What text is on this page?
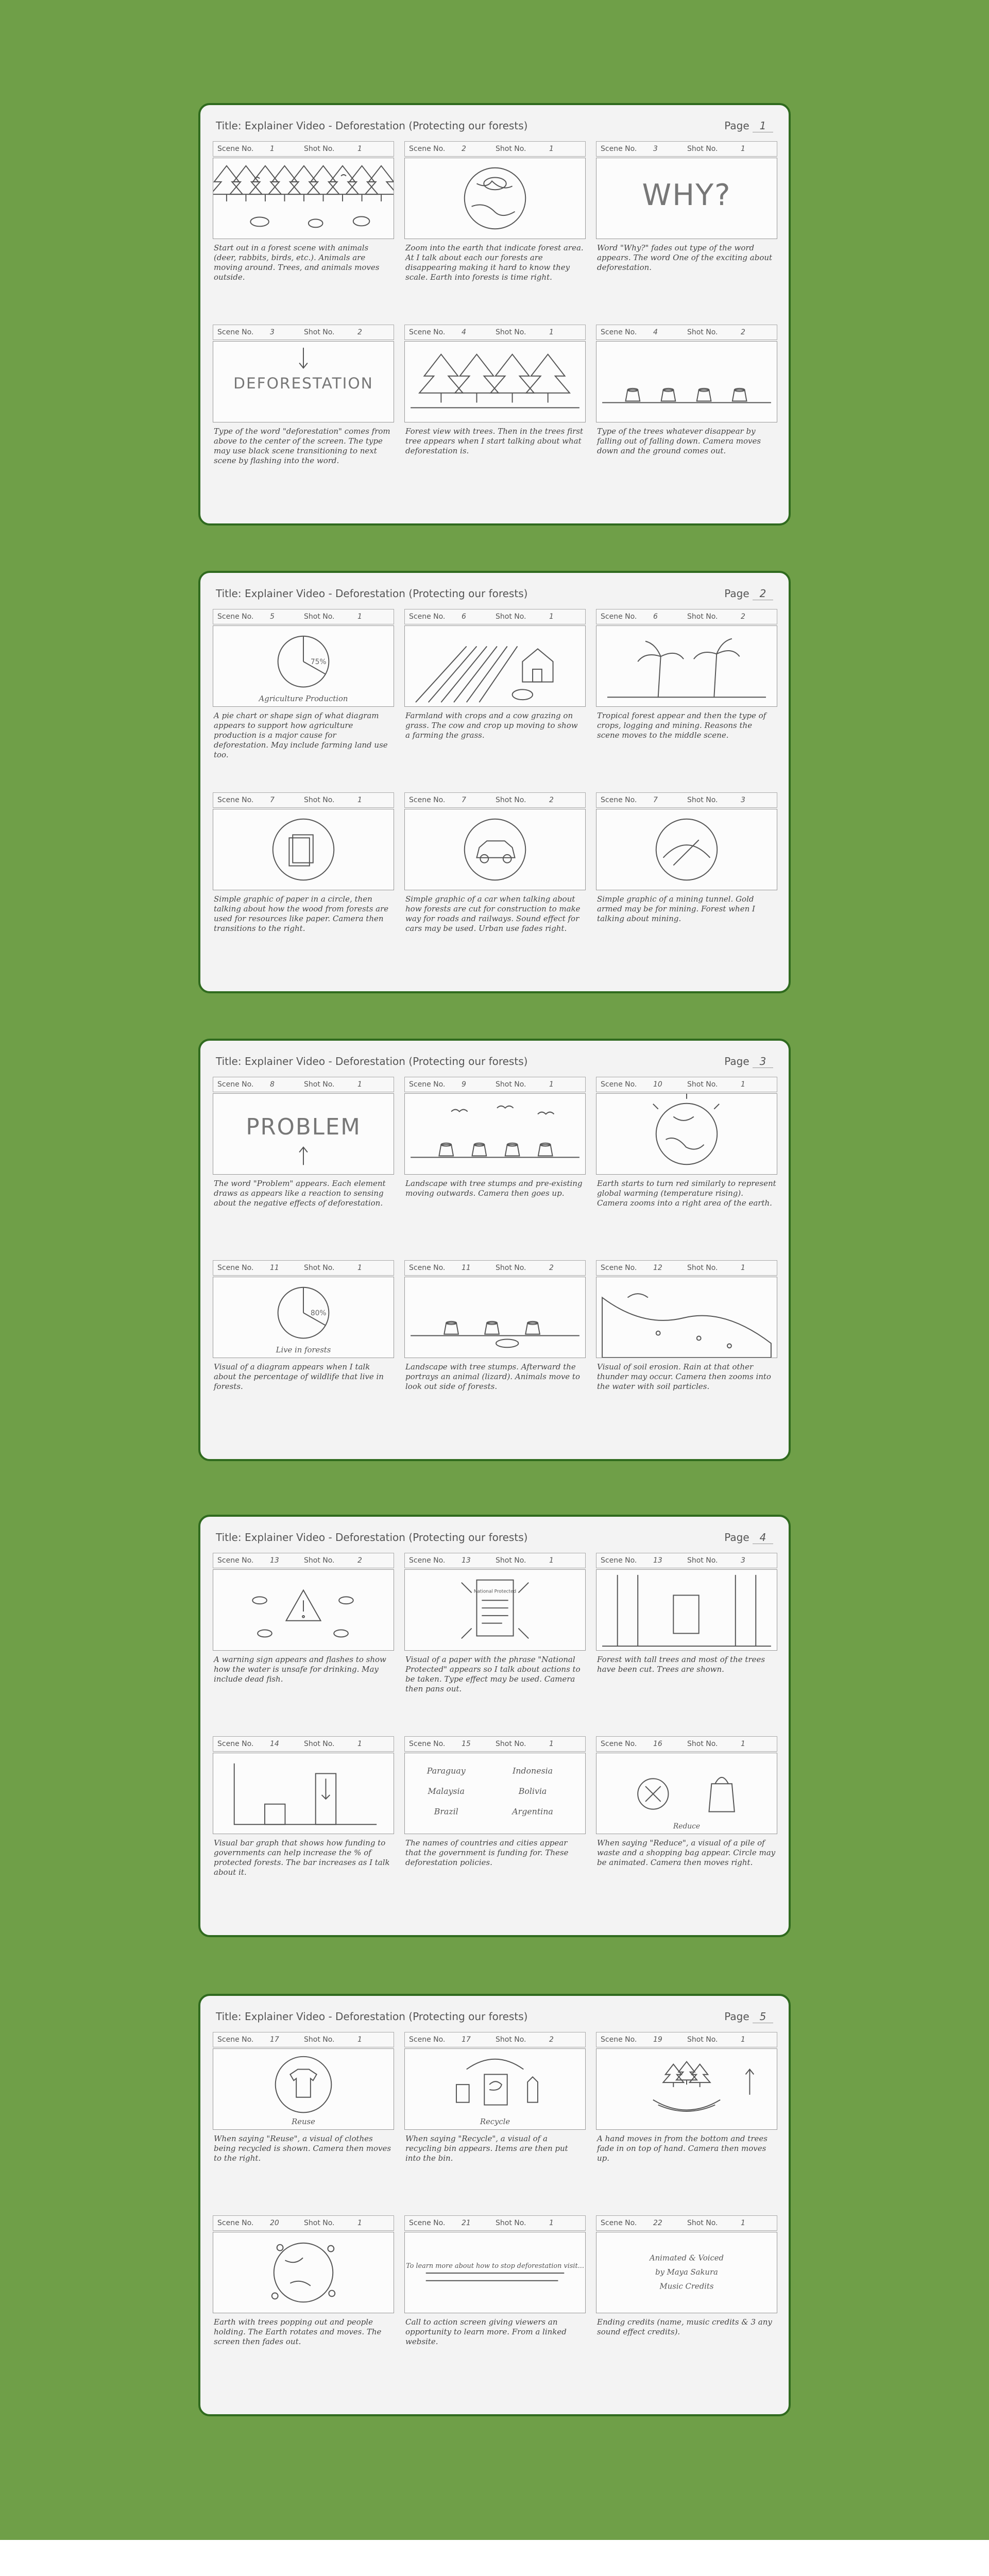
Title: Explainer Video - Deforestation (Protecting our forests)	Page 1
Scene No. 1	Shot No.	1
Start out in a forest scene with animals (deer, rabbits, birds, etc.). Animals are moving around. Trees, and animals moves outside.
Scene No. 2	Shot No.	1
Zoom into the earth that indicate forest area. At I talk about each our forests are disappearing making it hard to know they scale. Earth into forests is time right.
Scene No. 3	Shot No.	1
WHY?
Word "Why?" fades out type of the word appears. The word One of the exciting about deforestation.
Scene No. 3	Shot No.	2
DEFORESTATION
Type of the word "deforestation" comes from above to the center of the screen. The type may use black scene transitioning to next scene by flashing into the word.
Scene No. 4	Shot No.	1
Forest view with trees. Then in the trees first tree appears when I start talking about what deforestation is.
Scene No. 4	Shot No.	2
Type of the trees whatever disappear by falling out of falling down. Camera moves down and the ground comes out.
Title: Explainer Video - Deforestation (Protecting our forests)	Page 2
Scene No. 5	Shot No.	1
75%
Agriculture Production
A pie chart or shape sign of what diagram appears to support how agriculture production is a major cause for deforestation. May include farming land use too.
Scene No. 6	Shot No.	1
Farmland with crops and a cow grazing on grass. The cow and crop up moving to show a farming the grass.
Scene No. 6	Shot No.	2
Tropical forest appear and then the type of crops, logging and mining. Reasons the scene moves to the middle scene.
Scene No. 7	Shot No.	1
Simple graphic of paper in a circle, then talking about how the wood from forests are used for resources like paper. Camera then transitions to the right.
Scene No. 7	Shot No.	2
Simple graphic of a car when talking about how forests are cut for construction to make way for roads and railways. Sound effect for cars may be used. Urban use fades right.
Scene No. 7	Shot No.	3
Simple graphic of a mining tunnel. Gold armed may be for mining. Forest when I talking about mining.
Title: Explainer Video - Deforestation (Protecting our forests)	Page 3
Scene No. 8	Shot No.	1
PROBLEM
The word "Problem" appears. Each element draws as appears like a reaction to sensing about the negative effects of deforestation.
Scene No. 9	Shot No.	1
Landscape with tree stumps and pre-existing moving outwards. Camera then goes up.
Scene No. 10	Shot No.	1
Earth starts to turn red similarly to represent global warming (temperature rising). Camera zooms into a right area of the earth.
Scene No. 11	Shot No.	1
80%
Live in forests
Visual of a diagram appears when I talk about the percentage of wildlife that live in forests.
Scene No. 11	Shot No.	2
Landscape with tree stumps. Afterward the portrays an animal (lizard). Animals move to look out side of forests.
Scene No. 12	Shot No.	1
Visual of soil erosion. Rain at that other thunder may occur. Camera then zooms into the water with soil particles.
Title: Explainer Video - Deforestation (Protecting our forests)	Page 4
Scene No. 13	Shot No.	2
A warning sign appears and flashes to show how the water is unsafe for drinking. May include dead fish.
Scene No. 13	Shot No.	1
National Protected
Visual of a paper with the phrase "National Protected" appears so I talk about actions to be taken. Type effect may be used. Camera then pans out.
Scene No. 13	Shot No.	3
Forest with tall trees and most of the trees have been cut. Trees are shown.
Scene No. 14	Shot No.	1
Visual bar graph that shows how funding to governments can help increase the % of protected forests. The bar increases as I talk about it.
Scene No. 15	Shot No.	1
Paraguay
Malaysia
Brazil
Indonesia
Bolivia
Argentina
The names of countries and cities appear that the government is funding for. These deforestation policies.
Scene No. 16	Shot No.	1
Reduce
When saying "Reduce", a visual of a pile of waste and a shopping bag appear. Circle may be animated. Camera then moves right.
Title: Explainer Video - Deforestation (Protecting our forests)	Page 5
Scene No. 17	Shot No.	1
Reuse
When saying "Reuse", a visual of clothes being recycled is shown. Camera then moves to the right.
Scene No. 17	Shot No.	2
Recycle
When saying "Recycle", a visual of a recycling bin appears. Items are then put into the bin.
Scene No. 19	Shot No.	1
A hand moves in from the bottom and trees fade in on top of hand. Camera then moves up.
Scene No. 20	Shot No.	1
Earth with trees popping out and people holding. The Earth rotates and moves. The screen then fades out.
Scene No. 21	Shot No.	1
To learn more about how to stop deforestation visit...
Call to action screen giving viewers an opportunity to learn more. From a linked website.
Scene No. 22	Shot No.	1
Animated & Voiced
by Maya Sakura
Music Credits
Ending credits (name, music credits & 3 any sound effect credits).
